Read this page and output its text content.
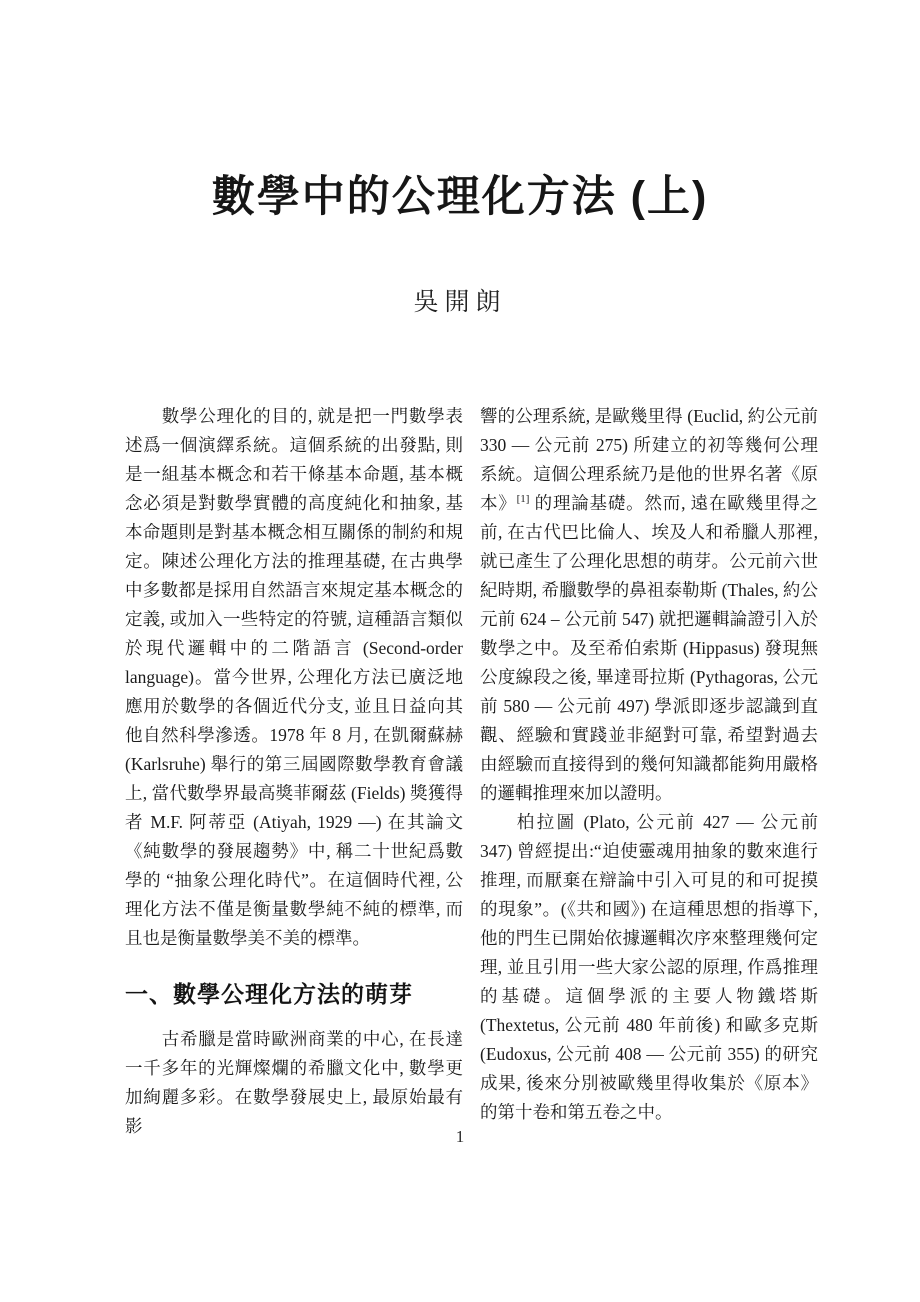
數學中的公理化方法 (上)
吳開朗

數學公理化的目的, 就是把一門數學表述爲一個演繹系統。這個系統的出發點, 則是一組基本概念和若干條基本命題, 基本概念必須是對數學實體的高度純化和抽象, 基本命題則是對基本概念相互關係的制約和規定。陳述公理化方法的推理基礎, 在古典學中多數都是採用自然語言來規定基本概念的定義, 或加入一些特定的符號, 這種語言類似於現代邏輯中的二階語言 (Second-order language)。當今世界, 公理化方法已廣泛地應用於數學的各個近代分支, 並且日益向其他自然科學滲透。1978 年 8 月, 在凱爾蘇赫 (Karlsruhe) 舉行的第三屆國際數學教育會議上, 當代數學界最高獎菲爾茲 (Fields) 獎獲得者 M.F. 阿蒂亞 (Atiyah, 1929 —) 在其論文《純數學的發展趨勢》中, 稱二十世紀爲數學的 “抽象公理化時代”。在這個時代裡, 公理化方法不僅是衡量數學純不純的標準, 而且也是衡量數學美不美的標準。

一、數學公理化方法的萌芽

古希臘是當時歐洲商業的中心, 在長達一千多年的光輝燦爛的希臘文化中, 數學更加絢麗多彩。在數學發展史上, 最原始最有影

響的公理系統, 是歐幾里得 (Euclid, 約公元前 330 — 公元前 275) 所建立的初等幾何公理系統。這個公理系統乃是他的世界名著《原本》[1] 的理論基礎。然而, 遠在歐幾里得之前, 在古代巴比倫人、埃及人和希臘人那裡, 就已產生了公理化思想的萌芽。公元前六世紀時期, 希臘數學的鼻祖泰勒斯 (Thales, 約公元前 624 – 公元前 547) 就把邏輯論證引入於數學之中。及至希伯索斯 (Hippasus) 發現無公度線段之後, 畢達哥拉斯 (Pythagoras, 公元前 580 — 公元前 497) 學派即逐步認識到直觀、經驗和實踐並非絕對可靠, 希望對過去由經驗而直接得到的幾何知識都能夠用嚴格的邏輯推理來加以證明。

柏拉圖 (Plato, 公元前 427 — 公元前 347) 曾經提出:“迫使靈魂用抽象的數來進行推理, 而厭棄在辯論中引入可見的和可捉摸的現象”。(《共和國》) 在這種思想的指導下, 他的門生已開始依據邏輯次序來整理幾何定理, 並且引用一些大家公認的原理, 作爲推理的基礎。這個學派的主要人物鐵塔斯 (Thextetus, 公元前 480 年前後) 和歐多克斯 (Eudoxus, 公元前 408 — 公元前 355) 的研究成果, 後來分別被歐幾里得收集於《原本》的第十卷和第五卷之中。

1
